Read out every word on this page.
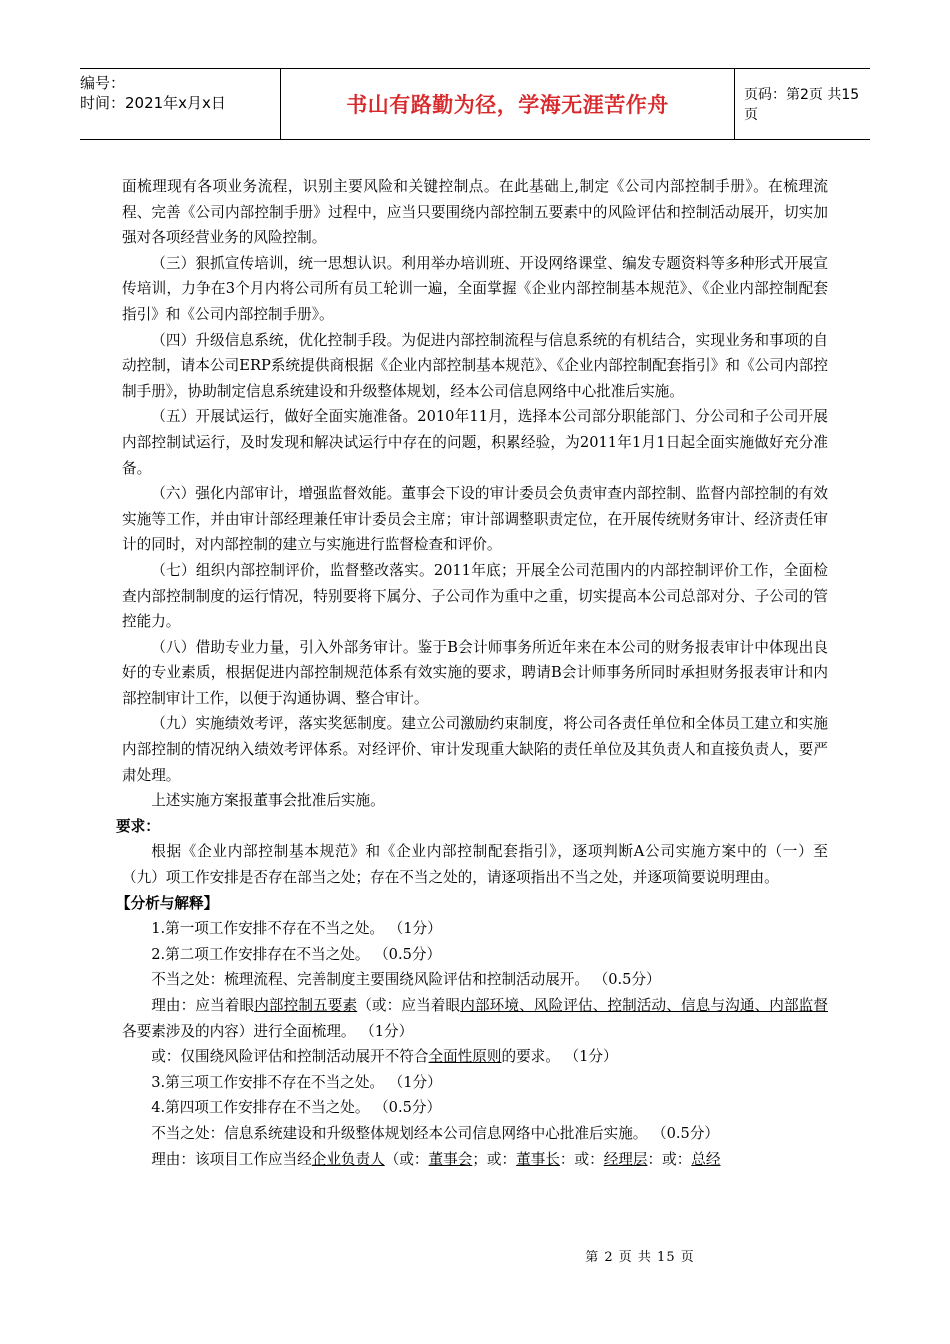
编号：
时间：2021年x月x日	书山有路勤为径，学海无涯苦作舟	页码：第2页 共15页

面梳理现有各项业务流程，识别主要风险和关键控制点。在此基础上,制定《公司内部控制手册》。在梳理流程、完善《公司内部控制手册》过程中，应当只要围绕内部控制五要素中的风险评估和控制活动展开，切实加强对各项经营业务的风险控制。

（三）狠抓宣传培训，统一思想认识。利用举办培训班、开设网络课堂、编发专题资料等多种形式开展宣传培训，力争在3个月内将公司所有员工轮训一遍，全面掌握《企业内部控制基本规范》、《企业内部控制配套指引》和《公司内部控制手册》。

（四）升级信息系统，优化控制手段。为促进内部控制流程与信息系统的有机结合，实现业务和事项的自动控制，请本公司ERP系统提供商根据《企业内部控制基本规范》、《企业内部控制配套指引》和《公司内部控制手册》，协助制定信息系统建设和升级整体规划，经本公司信息网络中心批准后实施。

（五）开展试运行，做好全面实施准备。2010年11月，选择本公司部分职能部门、分公司和子公司开展内部控制试运行，及时发现和解决试运行中存在的问题，积累经验，为2011年1月1日起全面实施做好充分准备。

（六）强化内部审计，增强监督效能。董事会下设的审计委员会负责审查内部控制、监督内部控制的有效实施等工作，并由审计部经理兼任审计委员会主席；审计部调整职责定位，在开展传统财务审计、经济责任审计的同时，对内部控制的建立与实施进行监督检查和评价。

（七）组织内部控制评价，监督整改落实。2011年底；开展全公司范围内的内部控制评价工作，全面检查内部控制制度的运行情况，特别要将下属分、子公司作为重中之重，切实提高本公司总部对分、子公司的管控能力。

（八）借助专业力量，引入外部务审计。鉴于B会计师事务所近年来在本公司的财务报表审计中体现出良好的专业素质，根据促进内部控制规范体系有效实施的要求，聘请B会计师事务所同时承担财务报表审计和内部控制审计工作，以便于沟通协调、整合审计。

（九）实施绩效考评，落实奖惩制度。建立公司激励约束制度，将公司各责任单位和全体员工建立和实施内部控制的情况纳入绩效考评体系。对经评价、审计发现重大缺陷的责任单位及其负责人和直接负责人，要严肃处理。

上述实施方案报董事会批准后实施。

要求：

根据《企业内部控制基本规范》和《企业内部控制配套指引》，逐项判断A公司实施方案中的（一）至（九）项工作安排是否存在部当之处；存在不当之处的，请逐项指出不当之处，并逐项简要说明理由。

【分析与解释】

1.第一项工作安排不存在不当之处。 （1分）

2.第二项工作安排存在不当之处。 （0.5分）

不当之处：梳理流程、完善制度主要围绕风险评估和控制活动展开。 （0.5分）

理由：应当着眼内部控制五要素（或：应当着眼内部环境、风险评估、控制活动、信息与沟通、内部监督各要素涉及的内容）进行全面梳理。 （1分）

或：仅围绕风险评估和控制活动展开不符合全面性原则的要求。 （1分）

3.第三项工作安排不存在不当之处。 （1分）

4.第四项工作安排存在不当之处。 （0.5分）

不当之处：信息系统建设和升级整体规划经本公司信息网络中心批准后实施。 （0.5分）

理由：该项目工作应当经企业负责人（或：董事会；或：董事长：或：经理层：或：总经

第 2 页 共 15 页
